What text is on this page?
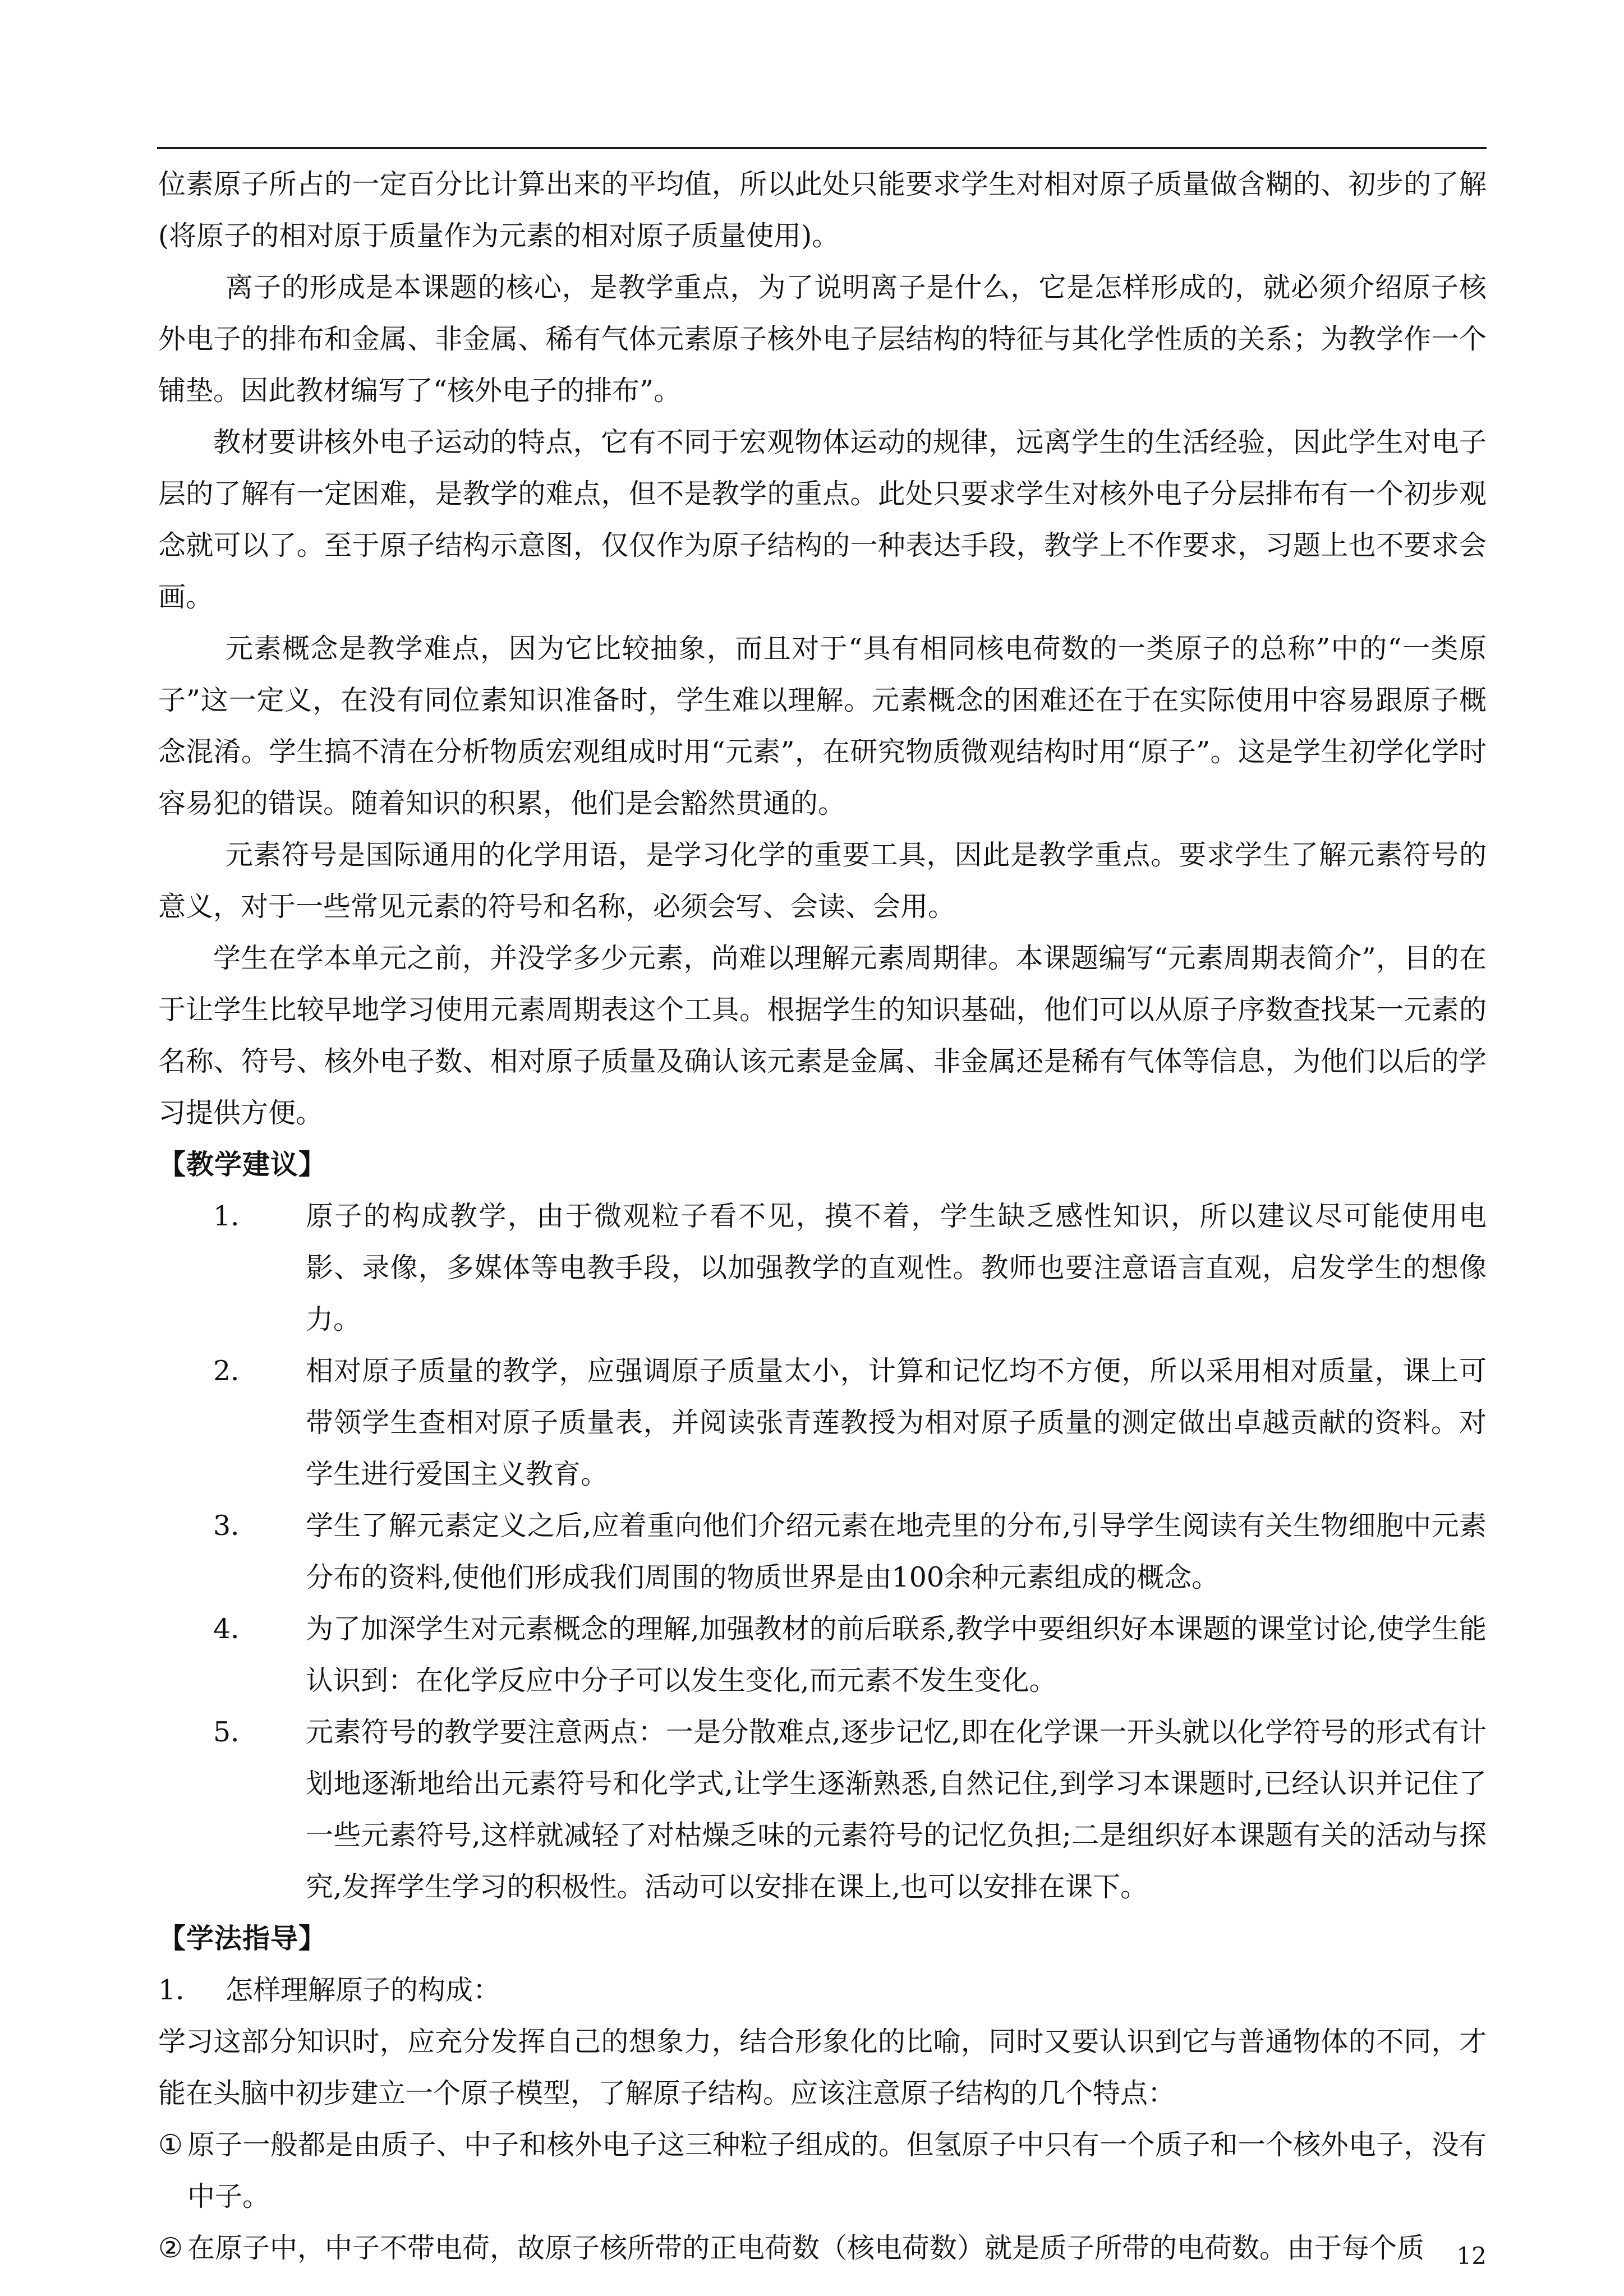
位素原子所占的一定百分比计算出来的平均值，所以此处只能要求学生对相对原子质量做含糊的、初步的了解(将原子的相对原于质量作为元素的相对原子质量使用)。

离子的形成是本课题的核心，是教学重点，为了说明离子是什么，它是怎样形成的，就必须介绍原子核外电子的排布和金属、非金属、稀有气体元素原子核外电子层结构的特征与其化学性质的关系；为教学作一个铺垫。因此教材编写了“核外电子的排布”。

教材要讲核外电子运动的特点，它有不同于宏观物体运动的规律，远离学生的生活经验，因此学生对电子层的了解有一定困难，是教学的难点，但不是教学的重点。此处只要求学生对核外电子分层排布有一个初步观念就可以了。至于原子结构示意图，仅仅作为原子结构的一种表达手段，教学上不作要求，习题上也不要求会画。

元素概念是教学难点，因为它比较抽象，而且对于“具有相同核电荷数的一类原子的总称”中的“一类原子”这一定义，在没有同位素知识准备时，学生难以理解。元素概念的困难还在于在实际使用中容易跟原子概念混淆。学生搞不清在分析物质宏观组成时用“元素”，在研究物质微观结构时用“原子”。这是学生初学化学时容易犯的错误。随着知识的积累，他们是会豁然贯通的。

元素符号是国际通用的化学用语，是学习化学的重要工具，因此是教学重点。要求学生了解元素符号的意义，对于一些常见元素的符号和名称，必须会写、会读、会用。

学生在学本单元之前，并没学多少元素，尚难以理解元素周期律。本课题编写“元素周期表简介”，目的在于让学生比较早地学习使用元素周期表这个工具。根据学生的知识基础，他们可以从原子序数查找某一元素的名称、符号、核外电子数、相对原子质量及确认该元素是金属、非金属还是稀有气体等信息，为他们以后的学习提供方便。

【教学建议】

1．	原子的构成教学，由于微观粒子看不见，摸不着，学生缺乏感性知识，所以建议尽可能使用电影、录像，多媒体等电教手段，以加强教学的直观性。教师也要注意语言直观，启发学生的想像力。
2．	相对原子质量的教学，应强调原子质量太小，计算和记忆均不方便，所以采用相对质量，课上可带领学生查相对原子质量表，并阅读张青莲教授为相对原子质量的测定做出卓越贡献的资料。对学生进行爱国主义教育。
3．	学生了解元素定义之后,应着重向他们介绍元素在地壳里的分布,引导学生阅读有关生物细胞中元素分布的资料,使他们形成我们周围的物质世界是由100余种元素组成的概念。
4．	为了加深学生对元素概念的理解,加强教材的前后联系,教学中要组织好本课题的课堂讨论,使学生能认识到：在化学反应中分子可以发生变化,而元素不发生变化。
5．	元素符号的教学要注意两点：一是分散难点,逐步记忆,即在化学课一开头就以化学符号的形式有计划地逐渐地给出元素符号和化学式,让学生逐渐熟悉,自然记住,到学习本课题时,已经认识并记住了一些元素符号,这样就减轻了对枯燥乏味的元素符号的记忆负担;二是组织好本课题有关的活动与探究,发挥学生学习的积极性。活动可以安排在课上,也可以安排在课下。

【学法指导】

1． 怎样理解原子的构成：

学习这部分知识时，应充分发挥自己的想象力，结合形象化的比喻，同时又要认识到它与普通物体的不同，才能在头脑中初步建立一个原子模型，了解原子结构。应该注意原子结构的几个特点：

① 原子一般都是由质子、中子和核外电子这三种粒子组成的。但氢原子中只有一个质子和一个核外电子，没有中子。
② 在原子中，中子不带电荷，故原子核所带的正电荷数（核电荷数）就是质子所带的电荷数。由于每个质	12
